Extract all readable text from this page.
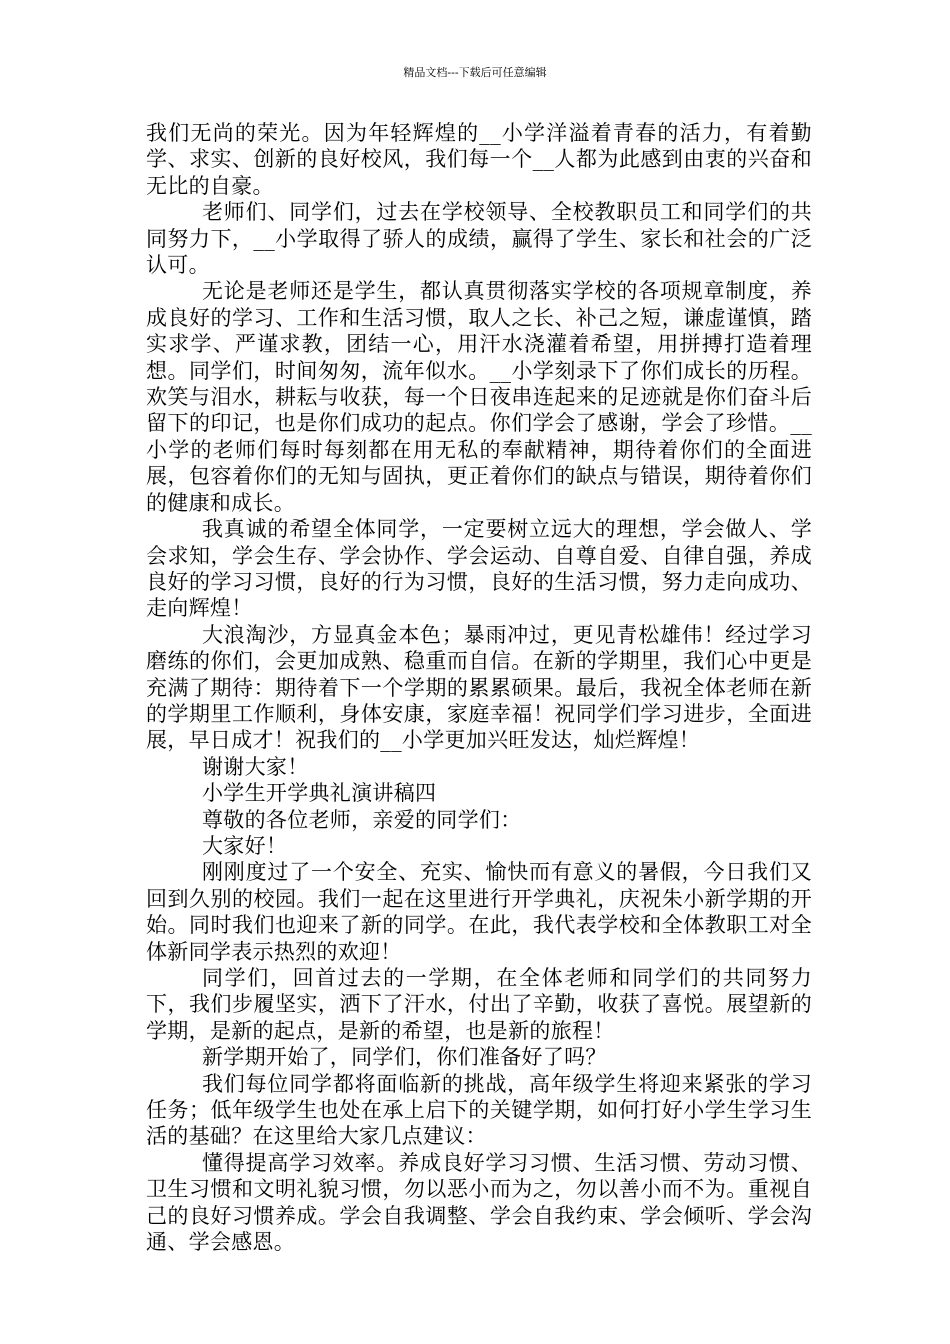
精品文档---下载后可任意编辑

我们无尚的荣光。因为年轻辉煌的__小学洋溢着青春的活力，有着勤学、求实、创新的良好校风，我们每一个__人都为此感到由衷的兴奋和无比的自豪。

老师们、同学们，过去在学校领导、全校教职员工和同学们的共同努力下，__小学取得了骄人的成绩，赢得了学生、家长和社会的广泛认可。

无论是老师还是学生，都认真贯彻落实学校的各项规章制度，养成良好的学习、工作和生活习惯，取人之长、补己之短，谦虚谨慎，踏实求学、严谨求教，团结一心，用汗水浇灌着希望，用拼搏打造着理想。同学们，时间匆匆，流年似水。__小学刻录下了你们成长的历程。欢笑与泪水，耕耘与收获，每一个日夜串连起来的足迹就是你们奋斗后留下的印记，也是你们成功的起点。你们学会了感谢，学会了珍惜。__小学的老师们每时每刻都在用无私的奉献精神，期待着你们的全面进展，包容着你们的无知与固执，更正着你们的缺点与错误，期待着你们的健康和成长。

我真诚的希望全体同学，一定要树立远大的理想，学会做人、学会求知，学会生存、学会协作、学会运动、自尊自爱、自律自强，养成良好的学习习惯，良好的行为习惯，良好的生活习惯，努力走向成功、走向辉煌！

大浪淘沙，方显真金本色；暴雨冲过，更见青松雄伟！经过学习磨练的你们，会更加成熟、稳重而自信。在新的学期里，我们心中更是充满了期待：期待着下一个学期的累累硕果。最后，我祝全体老师在新的学期里工作顺利，身体安康，家庭幸福！祝同学们学习进步，全面进展，早日成才！祝我们的__小学更加兴旺发达，灿烂辉煌！

谢谢大家！

小学生开学典礼演讲稿四

尊敬的各位老师，亲爱的同学们：

大家好！

刚刚度过了一个安全、充实、愉快而有意义的暑假，今日我们又回到久别的校园。我们一起在这里进行开学典礼，庆祝朱小新学期的开始。同时我们也迎来了新的同学。在此，我代表学校和全体教职工对全体新同学表示热烈的欢迎！

同学们，回首过去的一学期，在全体老师和同学们的共同努力下，我们步履坚实，洒下了汗水，付出了辛勤，收获了喜悦。展望新的学期，是新的起点，是新的希望，也是新的旅程！

新学期开始了，同学们，你们准备好了吗？

我们每位同学都将面临新的挑战，高年级学生将迎来紧张的学习任务；低年级学生也处在承上启下的关键学期，如何打好小学生学习生活的基础？在这里给大家几点建议：

懂得提高学习效率。养成良好学习习惯、生活习惯、劳动习惯、卫生习惯和文明礼貌习惯，勿以恶小而为之，勿以善小而不为。重视自己的良好习惯养成。学会自我调整、学会自我约束、学会倾听、学会沟通、学会感恩。
